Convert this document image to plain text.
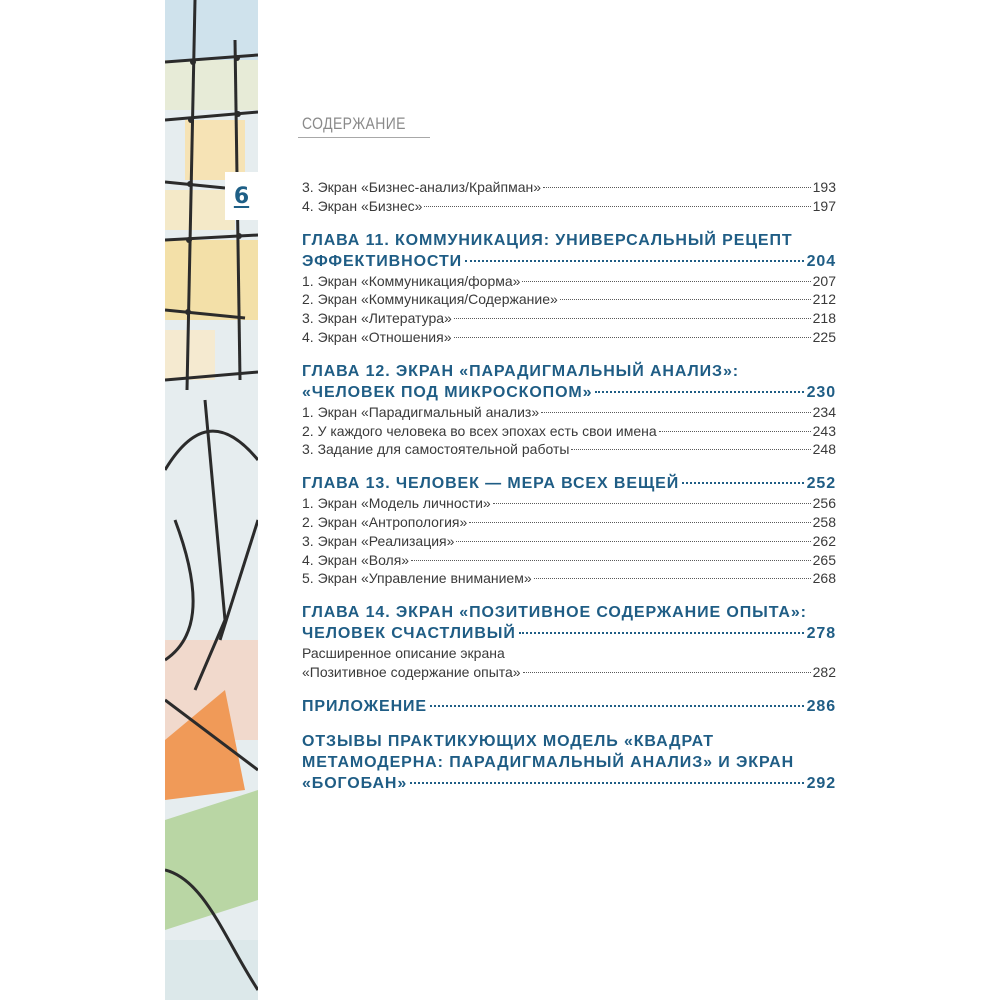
6
СОДЕРЖАНИЕ
3. Экран «Бизнес-анализ/Крайпман»	193
4. Экран «Бизнес»	197
ГЛАВА 11. КОММУНИКАЦИЯ: УНИВЕРСАЛЬНЫЙ РЕЦЕПТ
ЭФФЕКТИВНОСТИ	204
1. Экран «Коммуникация/форма»	207
2. Экран «Коммуникация/Содержание»	212
3. Экран «Литература»	218
4. Экран «Отношения»	225
ГЛАВА 12. ЭКРАН «ПАРАДИГМАЛЬНЫЙ АНАЛИЗ»:
«ЧЕЛОВЕК ПОД МИКРОСКОПОМ»	230
1. Экран «Парадигмальный анализ»	234
2. У каждого человека во всех эпохах есть свои имена	243
3. Задание для самостоятельной работы	248
ГЛАВА 13. ЧЕЛОВЕК — МЕРА ВСЕХ ВЕЩЕЙ	252
1. Экран «Модель личности»	256
2. Экран «Антропология»	258
3. Экран «Реализация»	262
4. Экран «Воля»	265
5. Экран «Управление вниманием»	268
ГЛАВА 14. ЭКРАН «ПОЗИТИВНОЕ СОДЕРЖАНИЕ ОПЫТА»:
ЧЕЛОВЕК СЧАСТЛИВЫЙ	278
Расширенное описание экрана
«Позитивное содержание опыта»	282
ПРИЛОЖЕНИЕ	286
ОТЗЫВЫ ПРАКТИКУЮЩИХ МОДЕЛЬ «КВАДРАТ
МЕТАМОДЕРНА: ПАРАДИГМАЛЬНЫЙ АНАЛИЗ» И ЭКРАН
«БОГОБАН»	292
